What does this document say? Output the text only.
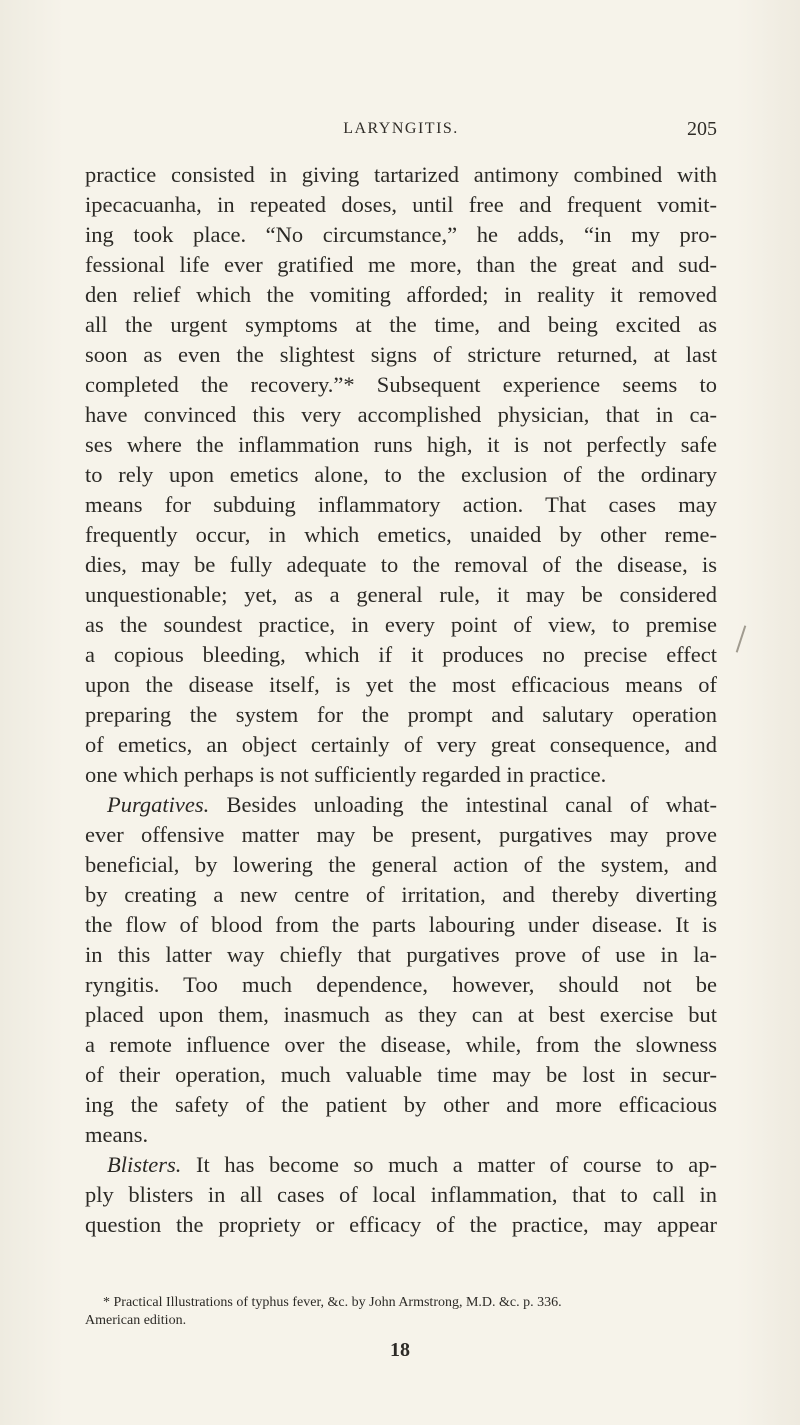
LARYNGITIS.	205
practice consisted in giving tartarized antimony combined with
ipecacuanha, in repeated doses, until free and frequent vomit-
ing took place. “No circumstance,” he adds, “in my pro-
fessional life ever gratified me more, than the great and sud-
den relief which the vomiting afforded; in reality it removed
all the urgent symptoms at the time, and being excited as
soon as even the slightest signs of stricture returned, at last
completed the recovery.”* Subsequent experience seems to
have convinced this very accomplished physician, that in ca-
ses where the inflammation runs high, it is not perfectly safe
to rely upon emetics alone, to the exclusion of the ordinary
means for subduing inflammatory action. That cases may
frequently occur, in which emetics, unaided by other reme-
dies, may be fully adequate to the removal of the disease, is
unquestionable; yet, as a general rule, it may be considered
as the soundest practice, in every point of view, to premise
a copious bleeding, which if it produces no precise effect
upon the disease itself, is yet the most efficacious means of
preparing the system for the prompt and salutary operation
of emetics, an object certainly of very great consequence, and
one which perhaps is not sufficiently regarded in practice.
Purgatives. Besides unloading the intestinal canal of what-
ever offensive matter may be present, purgatives may prove
beneficial, by lowering the general action of the system, and
by creating a new centre of irritation, and thereby diverting
the flow of blood from the parts labouring under disease. It is
in this latter way chiefly that purgatives prove of use in la-
ryngitis. Too much dependence, however, should not be
placed upon them, inasmuch as they can at best exercise but
a remote influence over the disease, while, from the slowness
of their operation, much valuable time may be lost in secur-
ing the safety of the patient by other and more efficacious
means.
Blisters. It has become so much a matter of course to ap-
ply blisters in all cases of local inflammation, that to call in
question the propriety or efficacy of the practice, may appear
* Practical Illustrations of typhus fever, &c. by John Armstrong, M.D. &c. p. 336.
American edition.
18
